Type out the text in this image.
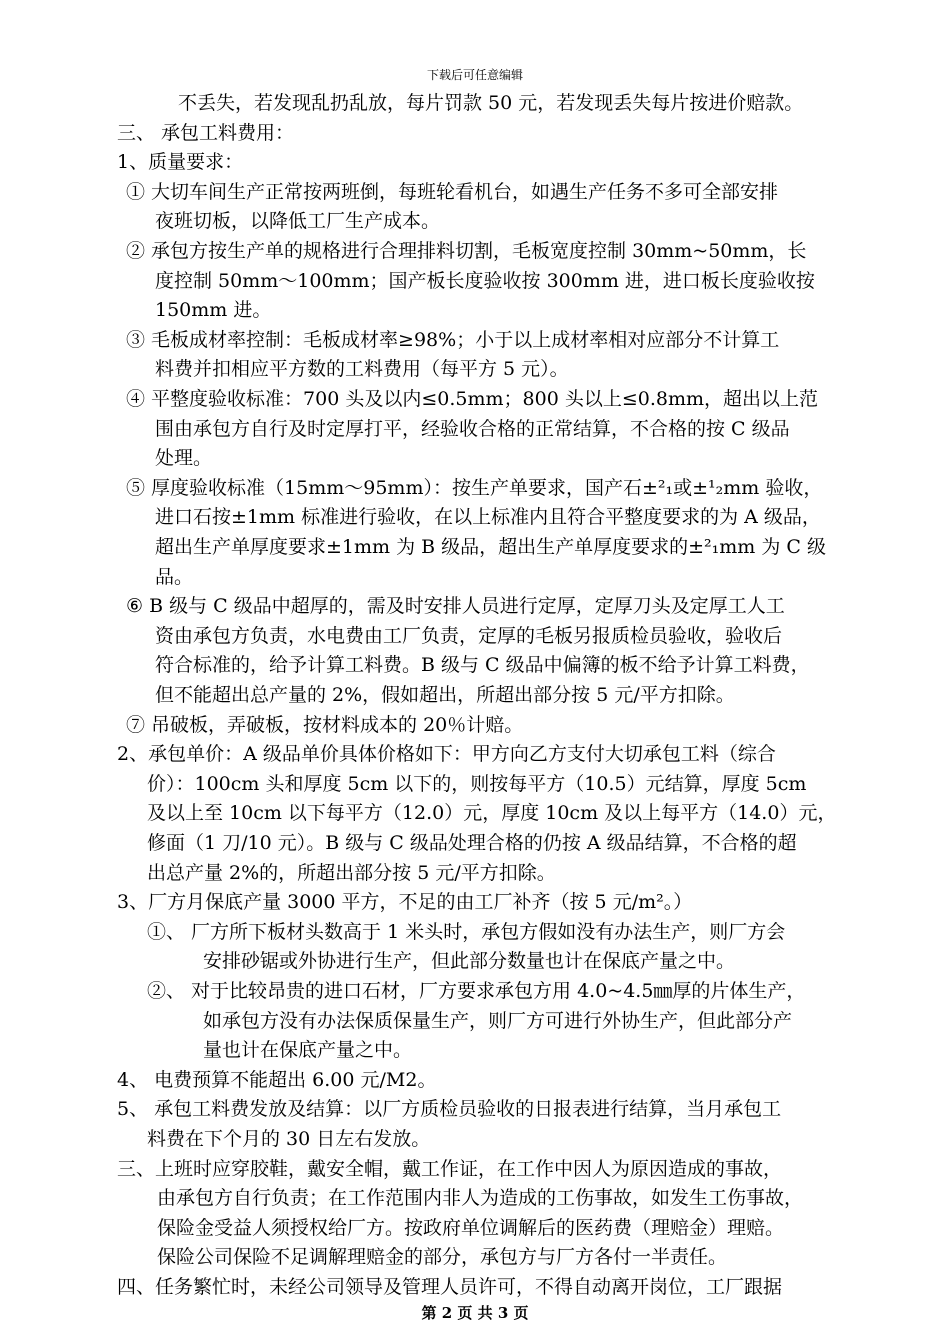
下载后可任意编辑
不丢失，若发现乱扔乱放，每片罚款 50 元，若发现丢失每片按进价赔款。
三、 承包工料费用：
1、质量要求：
① 大切车间生产正常按两班倒，每班轮看机台，如遇生产任务不多可全部安排
夜班切板，以降低工厂生产成本。
② 承包方按生产单的规格进行合理排料切割，毛板宽度控制 30mm~50mm，长
度控制 50mm～100mm；国产板长度验收按 300mm 进，进口板长度验收按
150mm 进。
③ 毛板成材率控制：毛板成材率≥98%；小于以上成材率相对应部分不计算工
料费并扣相应平方数的工料费用（每平方 5 元）。
④ 平整度验收标准：700 头及以内≤0.5mm；800 头以上≤0.8mm，超出以上范
围由承包方自行及时定厚打平，经验收合格的正常结算，不合格的按 C 级品
处理。
⑤ 厚度验收标准（15mm～95mm）：按生产单要求，国产石±²₁或±¹₂mm 验收，
进口石按±1mm 标准进行验收，在以上标准内且符合平整度要求的为 A 级品，
超出生产单厚度要求±1mm 为 B 级品，超出生产单厚度要求的±²₁mm 为 C 级
品。
⑥ B 级与 C 级品中超厚的，需及时安排人员进行定厚，定厚刀头及定厚工人工
资由承包方负责，水电费由工厂负责，定厚的毛板另报质检员验收，验收后
符合标准的，给予计算工料费。B 级与 C 级品中偏簿的板不给予计算工料费，
但不能超出总产量的 2%，假如超出，所超出部分按 5 元/平方扣除。
⑦ 吊破板，弄破板，按材料成本的 20％计赔。
2、承包单价：A 级品单价具体价格如下：甲方向乙方支付大切承包工料（综合
价）：100cm 头和厚度 5cm 以下的，则按每平方（10.5）元结算，厚度 5cm
及以上至 10cm 以下每平方（12.0）元，厚度 10cm 及以上每平方（14.0）元，
修面（1 刀/10 元）。B 级与 C 级品处理合格的仍按 A 级品结算，不合格的超
出总产量 2%的，所超出部分按 5 元/平方扣除。
3、厂方月保底产量 3000 平方，不足的由工厂补齐（按 5 元/m²。）
①、 厂方所下板材头数高于 1 米头时，承包方假如没有办法生产，则厂方会
安排砂锯或外协进行生产，但此部分数量也计在保底产量之中。
②、 对于比较昂贵的进口石材，厂方要求承包方用 4.0~4.5㎜厚的片体生产，
如承包方没有办法保质保量生产，则厂方可进行外协生产，但此部分产
量也计在保底产量之中。
4、 电费预算不能超出 6.00 元/M2。
5、 承包工料费发放及结算：以厂方质检员验收的日报表进行结算，当月承包工
料费在下个月的 30 日左右发放。
三、上班时应穿胶鞋，戴安全帽，戴工作证，在工作中因人为原因造成的事故，
由承包方自行负责；在工作范围内非人为造成的工伤事故，如发生工伤事故，
保险金受益人须授权给厂方。按政府单位调解后的医药费（理赔金）理赔。
保险公司保险不足调解理赔金的部分，承包方与厂方各付一半责任。
四、任务繁忙时，未经公司领导及管理人员许可，不得自动离开岗位，工厂跟据
第 2 页 共 3 页
